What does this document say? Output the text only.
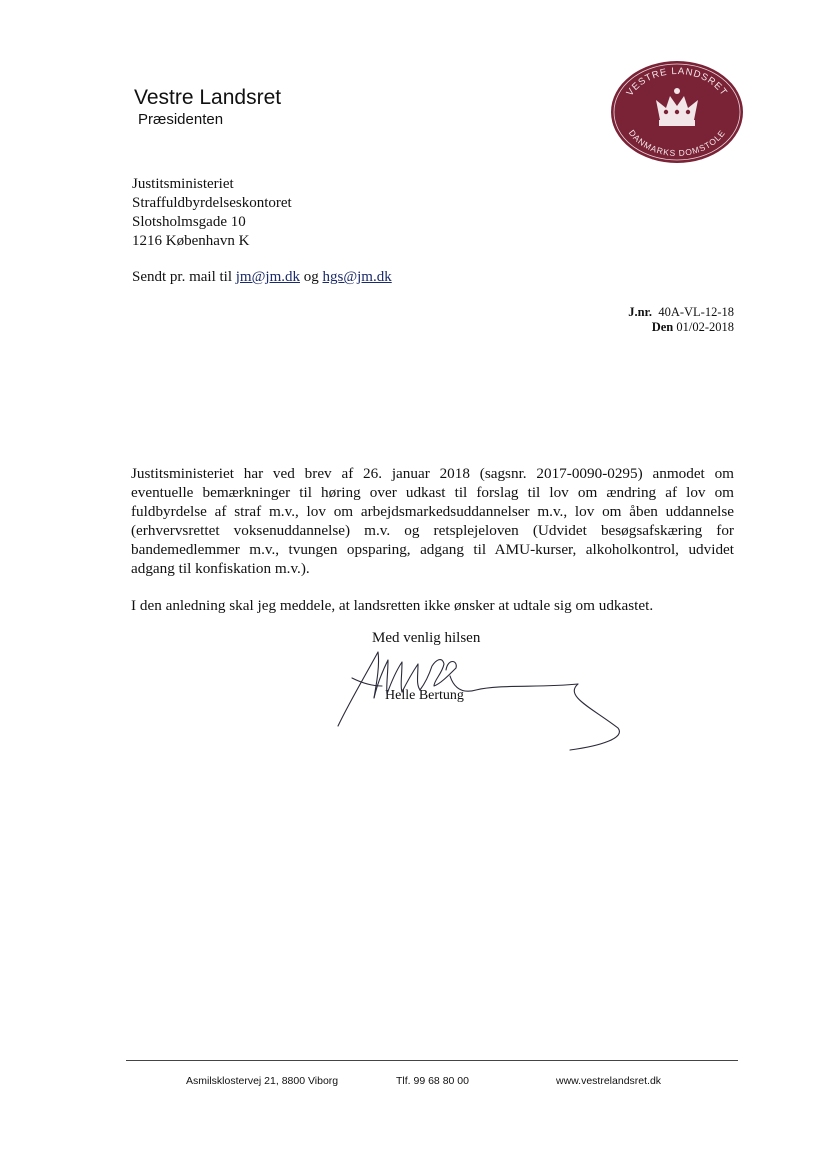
Vestre Landsret
Præsidenten
VESTRE LANDSRET
DANMARKS DOMSTOLE
Justitsministeriet
Straffuldbyrdelseskontoret
Slotsholmsgade 10
1216 København K
Sendt pr. mail til jm@jm.dk og hgs@jm.dk
J.nr. 40A-VL-12-18
Den 01/02-2018
Justitsministeriet har ved brev af 26. januar 2018 (sagsnr. 2017-0090-0295) anmodet om eventuelle bemærkninger til høring over udkast til forslag til lov om ændring af lov om fuldbyrdelse af straf m.v., lov om arbejdsmarkedsuddannelser m.v., lov om åben uddannelse (erhvervsrettet voksenuddannelse) m.v. og retsplejeloven (Udvidet besøgsafskæring for bandemedlemmer m.v., tvungen opsparing, adgang til AMU-kurser, alkoholkontrol, udvidet adgang til konfiskation m.v.).
I den anledning skal jeg meddele, at landsretten ikke ønsker at udtale sig om udkastet.
Med venlig hilsen
Helle Bertung
Asmilsklostervej 21, 8800 Viborg	Tlf. 99 68 80 00	www.vestrelandsret.dk
